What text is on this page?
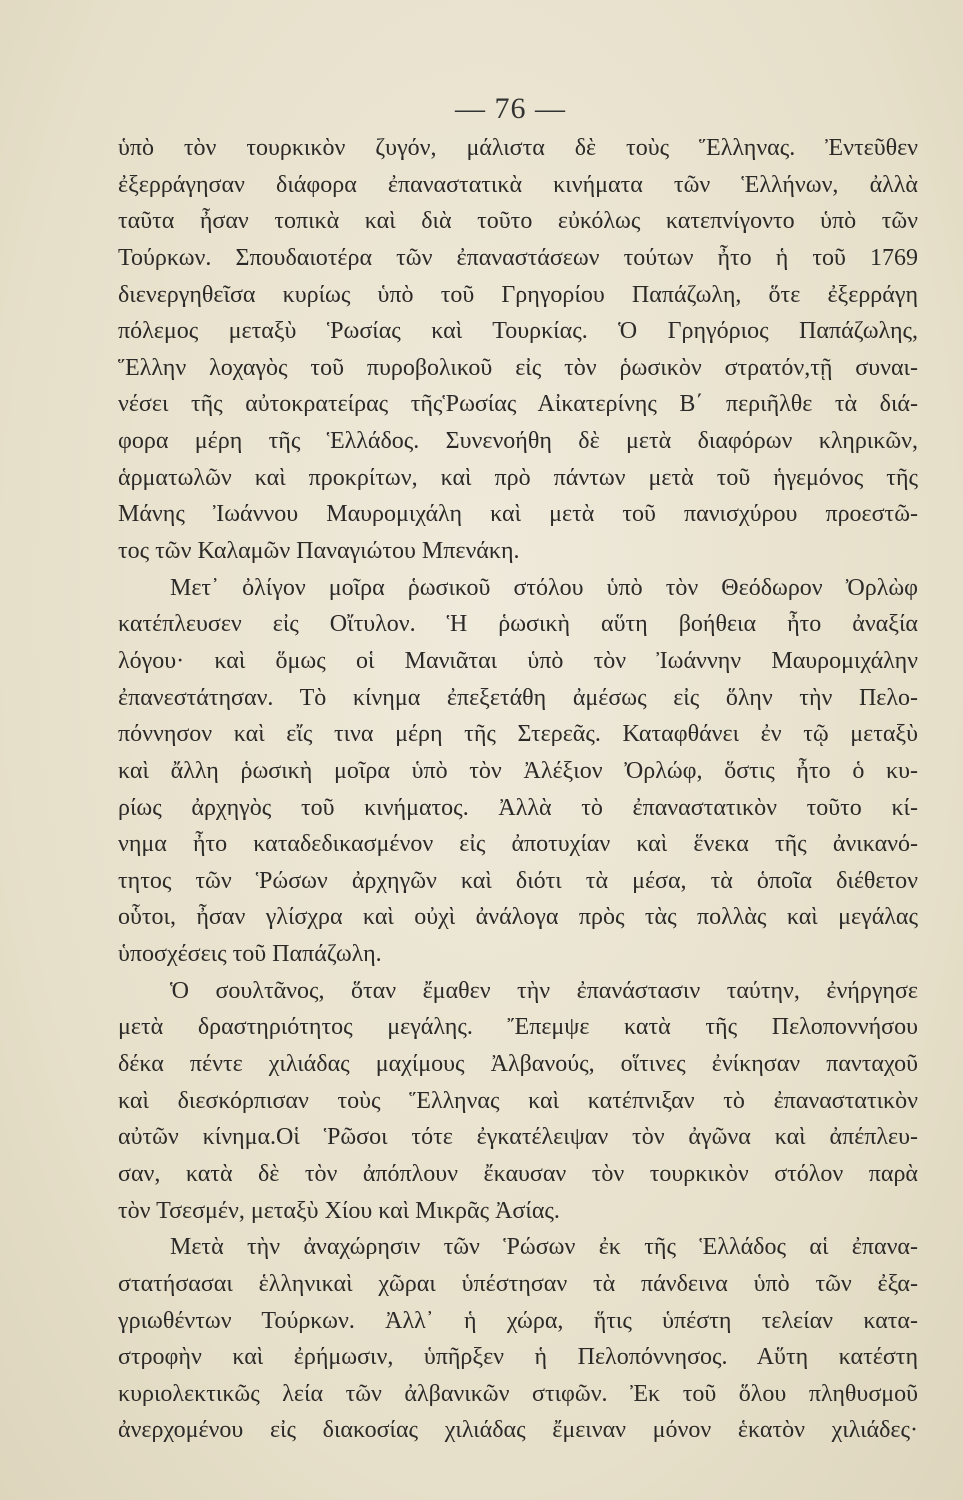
— 76 —
ὑπὸ τὸν τουρκικὸν ζυγόν, μάλιστα δὲ τοὺς Ἕλληνας. Ἐντεῦθεν
ἐξερράγησαν διάφορα ἐπαναστατικὰ κινήματα τῶν Ἑλλήνων, ἀλλὰ
ταῦτα ἦσαν τοπικὰ καὶ διὰ τοῦτο εὐκόλως κατεπνίγοντο ὑπὸ τῶν
Τούρκων. Σπουδαιοτέρα τῶν ἐπαναστάσεων τούτων ἦτο ἡ τοῦ 1769
διενεργηθεῖσα κυρίως ὑπὸ τοῦ Γρηγορίου Παπάζωλη, ὅτε ἐξερράγη
πόλεμος μεταξὺ Ῥωσίας καὶ Τουρκίας. Ὁ Γρηγόριος Παπάζωλης,
Ἕλλην λοχαγὸς τοῦ πυροβολικοῦ εἰς τὸν ῥωσικὸν στρατόν,τῇ συναι-
νέσει τῆς αὐτοκρατείρας τῆςῬωσίας Αἰκατερίνης Β΄ περιῆλθε τὰ διά-
φορα μέρη τῆς Ἑλλάδος. Συνενοήθη δὲ μετὰ διαφόρων κληρικῶν,
ἁρματωλῶν καὶ προκρίτων, καὶ πρὸ πάντων μετὰ τοῦ ἡγεμόνος τῆς
Μάνης Ἰωάννου Μαυρομιχάλη καὶ μετὰ τοῦ πανισχύρου προεστῶ-
τος τῶν Καλαμῶν Παναγιώτου Μπενάκη.
Μετ᾽ ὀλίγον μοῖρα ῥωσικοῦ στόλου ὑπὸ τὸν Θεόδωρον Ὀρλὼφ
κατέπλευσεν εἰς Οἴτυλον. Ἡ ῥωσικὴ αὕτη βοήθεια ἦτο ἀναξία
λόγου· καὶ ὅμως οἱ Μανιᾶται ὑπὸ τὸν Ἰωάννην Μαυρομιχάλην
ἐπανεστάτησαν. Τὸ κίνημα ἐπεξετάθη ἀμέσως εἰς ὅλην τὴν Πελο-
πόννησον καὶ εἴς τινα μέρη τῆς Στερεᾶς. Καταφθάνει ἐν τῷ μεταξὺ
καὶ ἄλλη ῥωσικὴ μοῖρα ὑπὸ τὸν Ἀλέξιον Ὀρλώφ, ὅστις ἦτο ὁ κυ-
ρίως ἀρχηγὸς τοῦ κινήματος. Ἀλλὰ τὸ ἐπαναστατικὸν τοῦτο κί-
νημα ἦτο καταδεδικασμένον εἰς ἀποτυχίαν καὶ ἕνεκα τῆς ἀνικανό-
τητος τῶν Ῥώσων ἀρχηγῶν καὶ διότι τὰ μέσα, τὰ ὁποῖα διέθετον
οὗτοι, ἦσαν γλίσχρα καὶ οὐχὶ ἀνάλογα πρὸς τὰς πολλὰς καὶ μεγάλας
ὑποσχέσεις τοῦ Παπάζωλη.
Ὁ σουλτᾶνος, ὅταν ἔμαθεν τὴν ἐπανάστασιν ταύτην, ἐνήργησε
μετὰ δραστηριότητος μεγάλης. Ἔπεμψε κατὰ τῆς Πελοποννήσου
δέκα πέντε χιλιάδας μαχίμους Ἀλβανούς, οἵτινες ἐνίκησαν πανταχοῦ
καὶ διεσκόρπισαν τοὺς Ἕλληνας καὶ κατέπνιξαν τὸ ἐπαναστατικὸν
αὐτῶν κίνημα.Οἱ Ῥῶσοι τότε ἐγκατέλειψαν τὸν ἀγῶνα καὶ ἀπέπλευ-
σαν, κατὰ δὲ τὸν ἀπόπλουν ἔκαυσαν τὸν τουρκικὸν στόλον παρὰ
τὸν Τσεσμέν, μεταξὺ Χίου καὶ Μικρᾶς Ἀσίας.
Μετὰ τὴν ἀναχώρησιν τῶν Ῥώσων ἐκ τῆς Ἑλλάδος αἱ ἐπανα-
στατήσασαι ἑλληνικαὶ χῶραι ὑπέστησαν τὰ πάνδεινα ὑπὸ τῶν ἐξα-
γριωθέντων Τούρκων. Ἀλλ᾽ ἡ χώρα, ἥτις ὑπέστη τελείαν κατα-
στροφὴν καὶ ἐρήμωσιν, ὑπῆρξεν ἡ Πελοπόννησος. Αὕτη κατέστη
κυριολεκτικῶς λεία τῶν ἀλβανικῶν στιφῶν. Ἐκ τοῦ ὅλου πληθυσμοῦ
ἀνερχομένου εἰς διακοσίας χιλιάδας ἔμειναν μόνον ἑκατὸν χιλιάδες·
